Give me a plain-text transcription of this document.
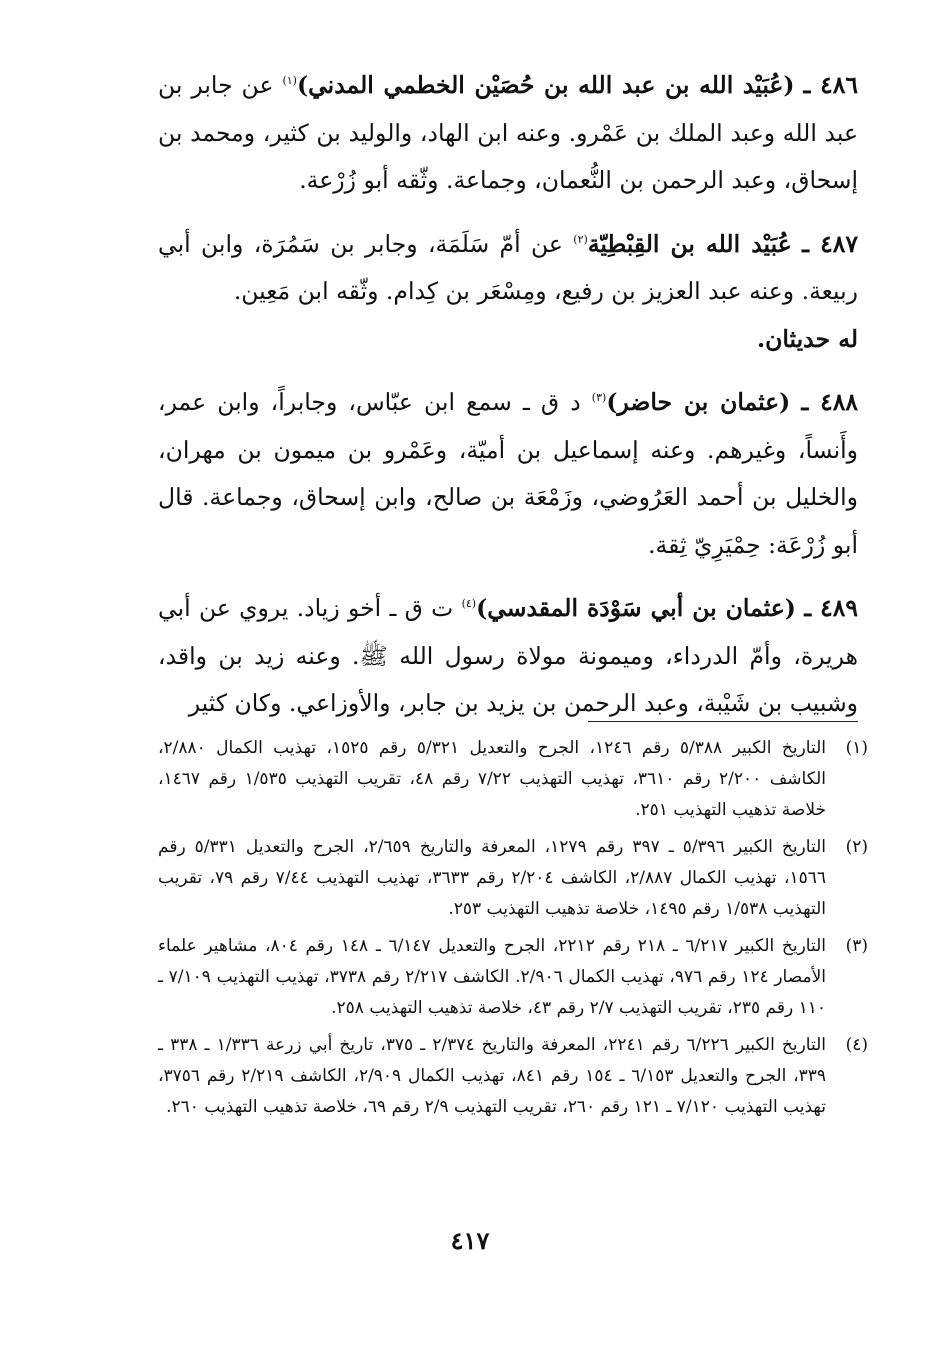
٤٨٦ ـ (عُبَيْد الله بن عبد الله بن حُصَيْن الخطمي المدني)$^{(١)}$ عن جابر بن عبد الله وعبد الملك بن عَمْرو. وعنه ابن الهاد، والوليد بن كثير، ومحمد بن إسحاق، وعبد الرحمن بن النُّعمان، وجماعة. وثّقه أبو زُرْعة.

٤٨٧ ـ عُبَيْد الله بن القِبْطِيّة$^{(٢)}$ عن أمّ سَلَمَة، وجابر بن سَمُرَة، وابن أبي ربيعة. وعنه عبد العزيز بن رفيع، ومِسْعَر بن كِدام. وثّقه ابن مَعِين.
له حديثان.

٤٨٨ ـ (عثمان بن حاضر)$^{(٣)}$ د ق ـ سمع ابن عبّاس، وجابراً، وابن عمر، وأَنساً، وغيرهم. وعنه إسماعيل بن أميّة، وعَمْرو بن ميمون بن مهران، والخليل بن أحمد العَرُوضي، وزَمْعَة بن صالح، وابن إسحاق، وجماعة. قال أبو زُرْعَة: حِمْيَرِيّ ثِقة.

٤٨٩ ـ (عثمان بن أبي سَوْدَة المقدسي)$^{(٤)}$ ت ق ـ أخو زياد. يروي عن أبي هريرة، وأمّ الدرداء، وميمونة مولاة رسول الله ﷺ. وعنه زيد بن واقد، وشبيب بن شَيْبة، وعبد الرحمن بن يزيد بن جابر، والأوزاعي. وكان كثير

(١)
التاريخ الكبير ٥/٣٨٨ رقم ١٢٤٦، الجرح والتعديل ٥/٣٢١ رقم ١٥٢٥، تهذيب الكمال ٢/٨٨٠، الكاشف ٢/٢٠٠ رقم ٣٦١٠، تهذيب التهذيب ٧/٢٢ رقم ٤٨، تقريب التهذيب ١/٥٣٥ رقم ١٤٦٧، خلاصة تذهيب التهذيب ٢٥١.
(٢)
التاريخ الكبير ٥/٣٩٦ ـ ٣٩٧ رقم ١٢٧٩، المعرفة والتاريخ ٢/٦٥٩، الجرح والتعديل ٥/٣٣١ رقم ١٥٦٦، تهذيب الكمال ٢/٨٨٧، الكاشف ٢/٢٠٤ رقم ٣٦٣٣، تهذيب التهذيب ٧/٤٤ رقم ٧٩، تقريب التهذيب ١/٥٣٨ رقم ١٤٩٥، خلاصة تذهيب التهذيب ٢٥٣.
(٣)
التاريخ الكبير ٦/٢١٧ ـ ٢١٨ رقم ٢٢١٢، الجرح والتعديل ٦/١٤٧ ـ ١٤٨ رقم ٨٠٤، مشاهير علماء الأمصار ١٢٤ رقم ٩٧٦، تهذيب الكمال ٢/٩٠٦. الكاشف ٢/٢١٧ رقم ٣٧٣٨، تهذيب التهذيب ٧/١٠٩ ـ ١١٠ رقم ٢٣٥، تقريب التهذيب ٢/٧ رقم ٤٣، خلاصة تذهيب التهذيب ٢٥٨.
(٤)
التاريخ الكبير ٦/٢٢٦ رقم ٢٢٤١، المعرفة والتاريخ ٢/٣٧٤ ـ ٣٧٥، تاريخ أبي زرعة ١/٣٣٦ ـ ٣٣٨ ـ ٣٣٩، الجرح والتعديل ٦/١٥٣ ـ ١٥٤ رقم ٨٤١، تهذيب الكمال ٢/٩٠٩، الكاشف ٢/٢١٩ رقم ٣٧٥٦، تهذيب التهذيب ٧/١٢٠ ـ ١٢١ رقم ٢٦٠، تقريب التهذيب ٢/٩ رقم ٦٩، خلاصة تذهيب التهذيب ٢٦٠.
٤١٧
